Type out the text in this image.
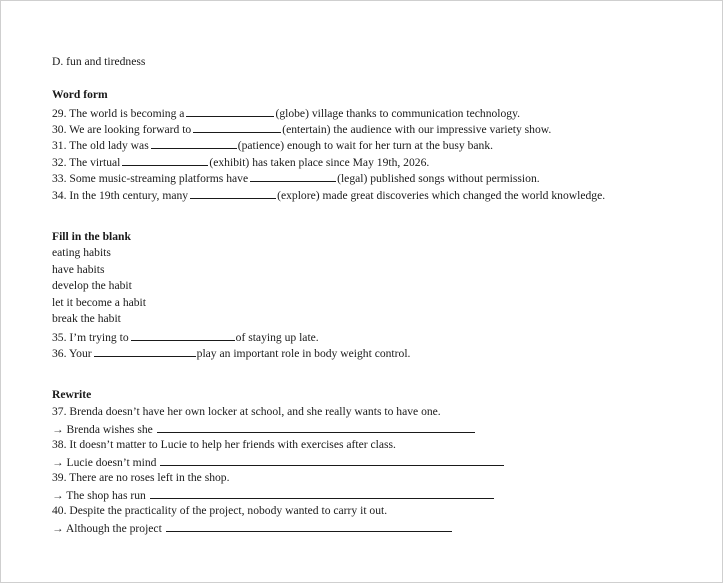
D. fun and tiredness
Word form
29. The world is becoming a	(globe) village thanks to communication technology.
30. We are looking forward to	(entertain) the audience with our impressive variety show.
31. The old lady was	(patience) enough to wait for her turn at the busy bank.
32. The virtual	(exhibit) has taken place since May 19th, 2026.
33. Some music-streaming platforms have	(legal) published songs without permission.
34. In the 19th century, many	(explore) made great discoveries which changed the world knowledge.
Fill in the blank
eating habits
have habits
develop the habit
let it become a habit
break the habit
35. I’m trying to	of staying up late.
36. Your	play an important role in body weight control.
Rewrite
37. Brenda doesn’t have her own locker at school, and she really wants to have one.
→ Brenda wishes she
38. It doesn’t matter to Lucie to help her friends with exercises after class.
→ Lucie doesn’t mind
39. There are no roses left in the shop.
→ The shop has run
40. Despite the practicality of the project, nobody wanted to carry it out.
→ Although the project
